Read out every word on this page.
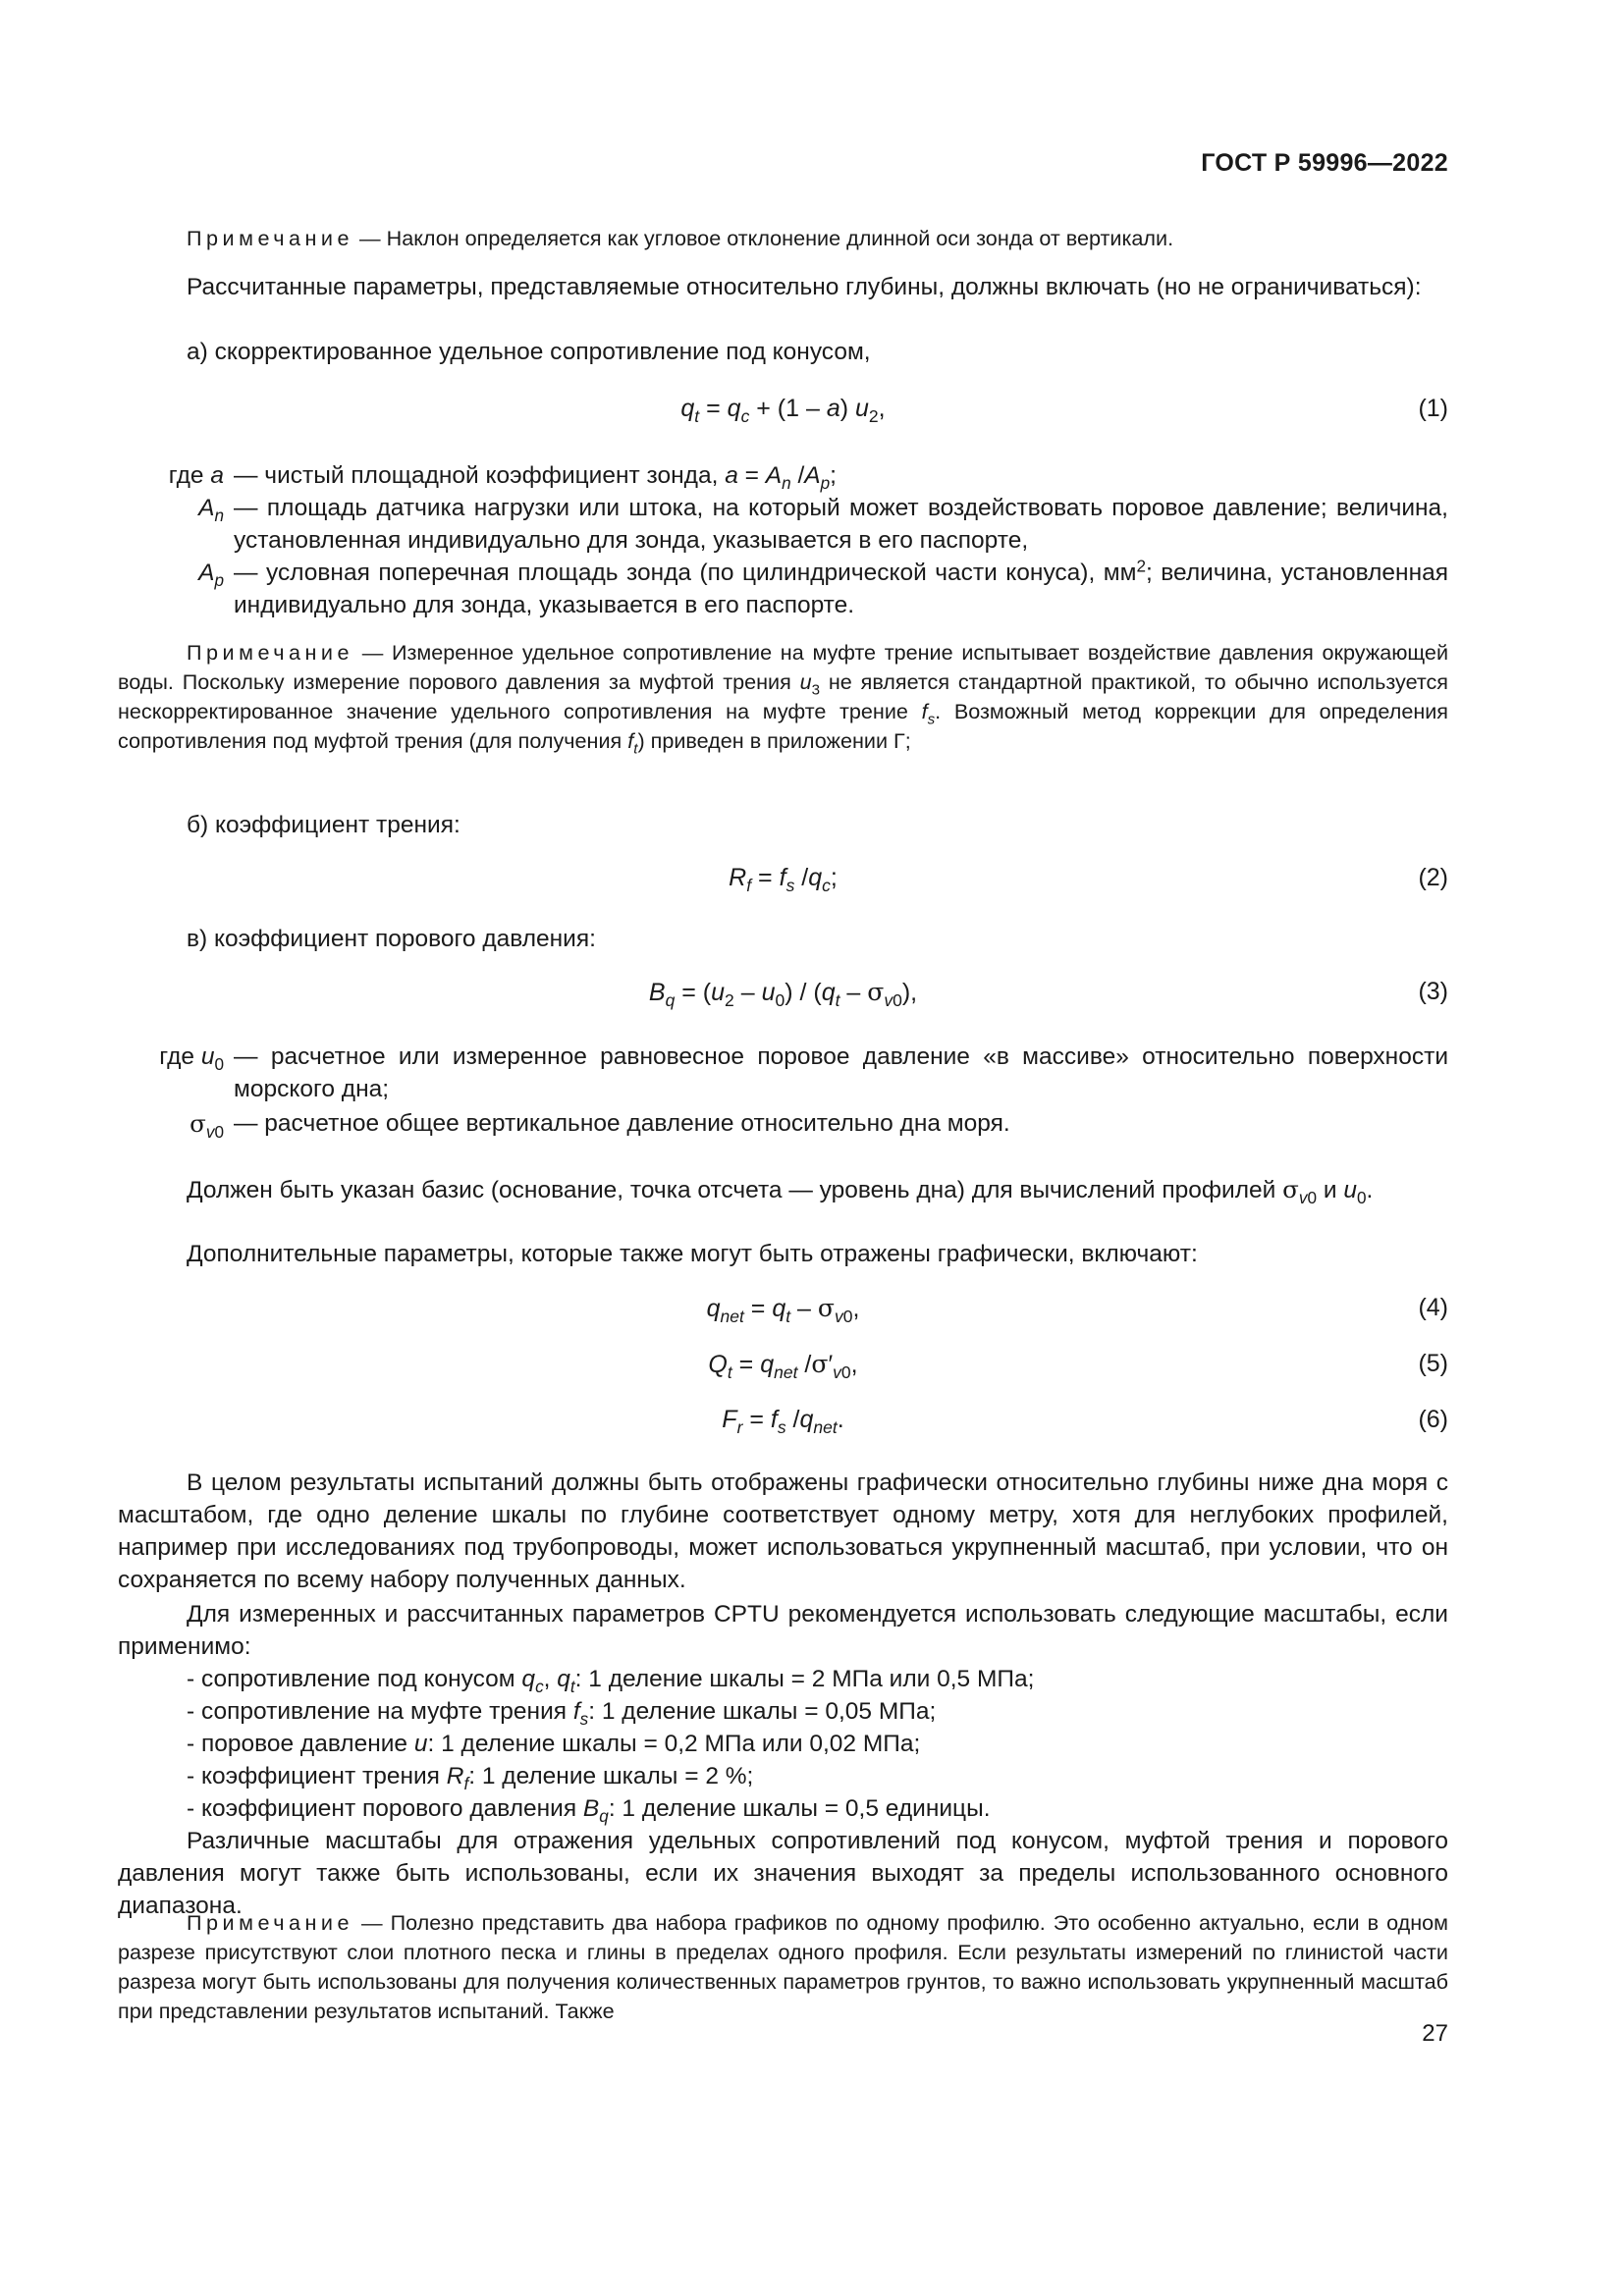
ГОСТ Р 59996—2022
Примечание — Наклон определяется как угловое отклонение длинной оси зонда от вертикали.
Рассчитанные параметры, представляемые относительно глубины, должны включать (но не ограничиваться):
а) скорректированное удельное сопротивление под конусом,
$q_t = q_c + (1 - a)$ $u_2$,	(1)
где a — чистый площадной коэффициент зонда, $a = A_n$ $/A_p$;
$A_n$ — площадь датчика нагрузки или штока, на который может воздействовать поровое давление; величина, установленная индивидуально для зонда, указывается в его паспорте,
$A_p$ — условная поперечная площадь зонда (по цилиндрической части конуса), $мм^2$; величина, установленная индивидуально для зонда, указывается в его паспорте.
Примечание — Измеренное удельное сопротивление на муфте трение испытывает воздействие давления окружающей воды. Поскольку измерение порового давления за муфтой трения $u_3$ не является стандартной практикой, то обычно используется нескорректированное значение удельного сопротивления на муфте трение $f_s$. Возможный метод коррекции для определения сопротивления под муфтой трения (для получения $f_t$) приведен в приложении Г;
б) коэффициент трения:
$R_f = f_s$ $/q_c$;	(2)
в) коэффициент порового давления:
$B_q = (u_2 - u_0) / (q_t - \sigma_{v0})$,	(3)
где $u_0$ — расчетное или измеренное равновесное поровое давление «в массиве» относительно поверхности морского дна;
$\sigma_{v0}$ — расчетное общее вертикальное давление относительно дна моря.
Должен быть указан базис (основание, точка отсчета — уровень дна) для вычислений профилей $\sigma_{v0}$ и $u_0$.
Дополнительные параметры, которые также могут быть отражены графически, включают:
$q_{net} = q_t - \sigma_{v0}$,	(4)
$Q_t = q_{net}$ $/\sigma'_{v0}$,	(5)
$F_r = f_s$ $/q_{net}$.	(6)
В целом результаты испытаний должны быть отображены графически относительно глубины ниже дна моря с масштабом, где одно деление шкалы по глубине соответствует одному метру, хотя для неглубоких профилей, например при исследованиях под трубопроводы, может использоваться укрупненный масштаб, при условии, что он сохраняется по всему набору полученных данных.
Для измеренных и рассчитанных параметров CPTU рекомендуется использовать следующие масштабы, если применимо:
- сопротивление под конусом $q_c$, $q_t$: 1 деление шкалы = 2 МПа или 0,5 МПа;
- сопротивление на муфте трения $f_s$: 1 деление шкалы = 0,05 МПа;
- поровое давление u: 1 деление шкалы = 0,2 МПа или 0,02 МПа;
- коэффициент трения $R_f$: 1 деление шкалы = 2 %;
- коэффициент порового давления $B_q$: 1 деление шкалы = 0,5 единицы.
Различные масштабы для отражения удельных сопротивлений под конусом, муфтой трения и порового давления могут также быть использованы, если их значения выходят за пределы использованного основного диапазона.
Примечание — Полезно представить два набора графиков по одному профилю. Это особенно актуально, если в одном разрезе присутствуют слои плотного песка и глины в пределах одного профиля. Если результаты измерений по глинистой части разреза могут быть использованы для получения количественных параметров грунтов, то важно использовать укрупненный масштаб при представлении результатов испытаний. Также
27
